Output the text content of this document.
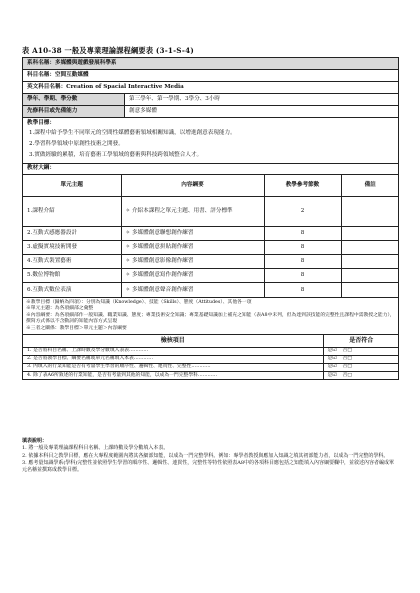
表 A10-38 一般及專業理論課程綱要表 (3-1-S-4)
系科名稱：多媒體與遊戲發展科學系
科目名稱：空間互動媒體
英文科目名稱：Creation of Spacial Interactive Media
學年、學期、學分數	第三學年、第一學期、3學分、3小時
先修科目或先備能力	創意多媒體

教學目標：
1.課程中給予學生不同單元的空間性媒體藝術領域相關知識，以增進創意表現能力。
2.學習科學領域中原創性技術之開發。
3.實做經驗的累積，培育藝術工學領域的藝術與科技跨領域整合人才。

教材大綱：

單元主題	內容綱要	教學參考節數	備註
1.課程介紹	✧ 介紹本課程之單元主題、用書、評分標準	2	
2.互動式感應器設計	✧ 多媒體創意聯想創作練習	8	
3.虛擬實境技術開發	✧ 多媒體創意拼貼創作練習	8	
4.互動式裝置藝術	✧ 多媒體創意影像創作練習	8	
5.數位博物館	✧ 多媒體創意寫作創作練習	8	
6.互動式數位表演	✧ 多媒體創意聲音創作練習	8	

※教學目標（歸納為四項）：分別為知識（Knowledge）、技能（Skills）、態度（Attitudes）、其他各一項
※單元主題：為各項細部之彙整
※內容綱要：為各項細部作一般知識、職業知識、態度；專業技術安全知識；專業基礎知識加上補充之知能（表A8中未列，但為達到該技能的完整性且課程中需教授之能力），撰寫方式係以不含動詞的知能內容方式呈現
※三者之關係：教學目標＞單元主題＞內容綱要

檢核項目	是否符合
1. 是否將科目名稱、上課時數及學分數填入表表…………	是☑ 否□
2. 是否將教學目標、綱要名稱或單元名稱填入本表…………	是☑ 否□
3. 內填入的行業知能是否有考量學生學習的順序性、邏輯性、連貫性、完整性…………	是☑ 否□
4. 除了表A6所敘述的行業知能，是否有考量到其他的知能，以成為一門完整學科…………	是☑ 否□
填表說明：
1. 將一般及專業理論課程科目名稱、上課時數及學分數填入本表。
2. 依據本科目之教學目標，應在大專程度範圍內將其各細部知能，以成為一門完整學科。例如：專學者教授與應加入知識之填其初部能力者，以成為一門完整的學科。
3. 應考量知識學系(學科)完整性並依照學生學習的順序性、邏輯性、連貫性，完整性等特性依照表A8中的各項科目應包括之知能填入內容綱要欄中，並敘述內容者編成單元名稱並撰寫成教學目標。
